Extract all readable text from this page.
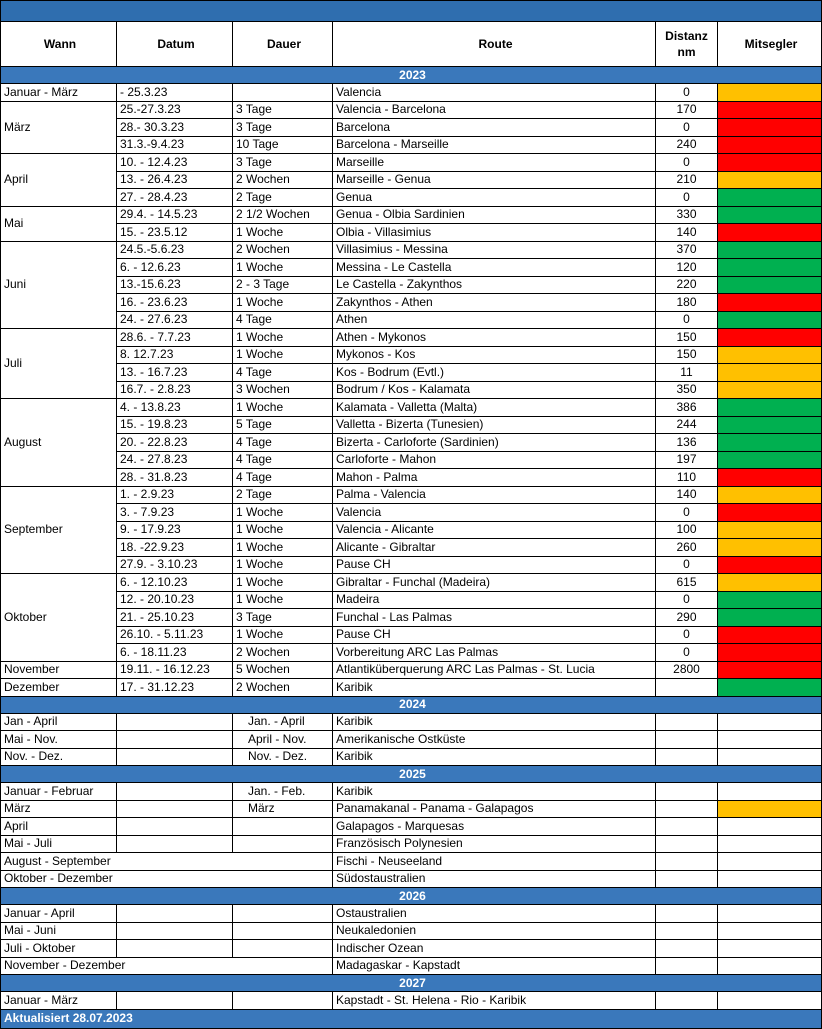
Wann	Datum	Dauer	Route	Distanz nm	Mitsegler
2023					
Januar - März	- 25.3.23		Valencia	0	
März	25.-27.3.23	3 Tage	Valencia - Barcelona	170	
	28.- 30.3.23	3 Tage	Barcelona	0	
	31.3.-9.4.23	10 Tage	Barcelona - Marseille	240	
April	10. - 12.4.23	3 Tage	Marseille	0	
	13. - 26.4.23	2 Wochen	Marseille - Genua	210	
	27. - 28.4.23	2 Tage	Genua	0	
Mai	29.4. - 14.5.23	2 1/2 Wochen	Genua - Olbia Sardinien	330	
	15. - 23.5.12	1 Woche	Olbia - Villasimius	140	
Juni	24.5.-5.6.23	2 Wochen	Villasimius - Messina	370	
	6. - 12.6.23	1 Woche	Messina - Le Castella	120	
	13.-15.6.23	2 - 3 Tage	Le Castella - Zakynthos	220	
	16. - 23.6.23	1 Woche	Zakynthos - Athen	180	
	24. - 27.6.23	4 Tage	Athen	0	
Juli	28.6. - 7.7.23	1 Woche	Athen - Mykonos	150	
	8. 12.7.23	1 Woche	Mykonos - Kos	150	
	13. - 16.7.23	4 Tage	Kos - Bodrum (Evtl.)	11	
	16.7. - 2.8.23	3 Wochen	Bodrum / Kos - Kalamata	350	
August	4. - 13.8.23	1 Woche	Kalamata - Valletta (Malta)	386	
	15. - 19.8.23	5 Tage	Valletta - Bizerta (Tunesien)	244	
	20. - 22.8.23	4 Tage	Bizerta - Carloforte (Sardinien)	136	
	24. - 27.8.23	4 Tage	Carloforte - Mahon	197	
	28. - 31.8.23	4 Tage	Mahon - Palma	110	
September	1. - 2.9.23	2 Tage	Palma - Valencia	140	
	3. - 7.9.23	1 Woche	Valencia	0	
	9. - 17.9.23	1 Woche	Valencia - Alicante	100	
	18. -22.9.23	1 Woche	Alicante - Gibraltar	260	
	27.9. - 3.10.23	1 Woche	Pause CH	0	
Oktober	6. - 12.10.23	1 Woche	Gibraltar - Funchal (Madeira)	615	
	12. - 20.10.23	1 Woche	Madeira	0	
	21. - 25.10.23	3 Tage	Funchal - Las Palmas	290	
	26.10. - 5.11.23	1 Woche	Pause CH	0	
	6. - 18.11.23	2 Wochen	Vorbereitung ARC Las Palmas	0	
November	19.11. - 16.12.23	5 Wochen	Atlantiküberquerung ARC Las Palmas - St. Lucia	2800	
Dezember	17. - 31.12.23	2 Wochen	Karibik		
2024					
Jan - April		Jan. - April	Karibik		
Mai - Nov.		April - Nov.	Amerikanische Ostküste		
Nov. - Dez.		Nov. - Dez.	Karibik		
2025					
Januar - Februar		Jan. - Feb.	Karibik		
März		März	Panamakanal - Panama - Galapagos		
April			Galapagos - Marquesas		
Mai - Juli			Französisch Polynesien		
August - September			Fischi - Neuseeland		
Oktober - Dezember			Südostaustralien		
2026					
Januar - April			Ostaustralien		
Mai - Juni			Neukaledonien		
Juli - Oktober			Indischer Ozean		
November - Dezember			Madagaskar - Kapstadt		
2027					
Januar - März			Kapstadt - St. Helena - Rio - Karibik		
Aktualisiert 28.07.2023					
